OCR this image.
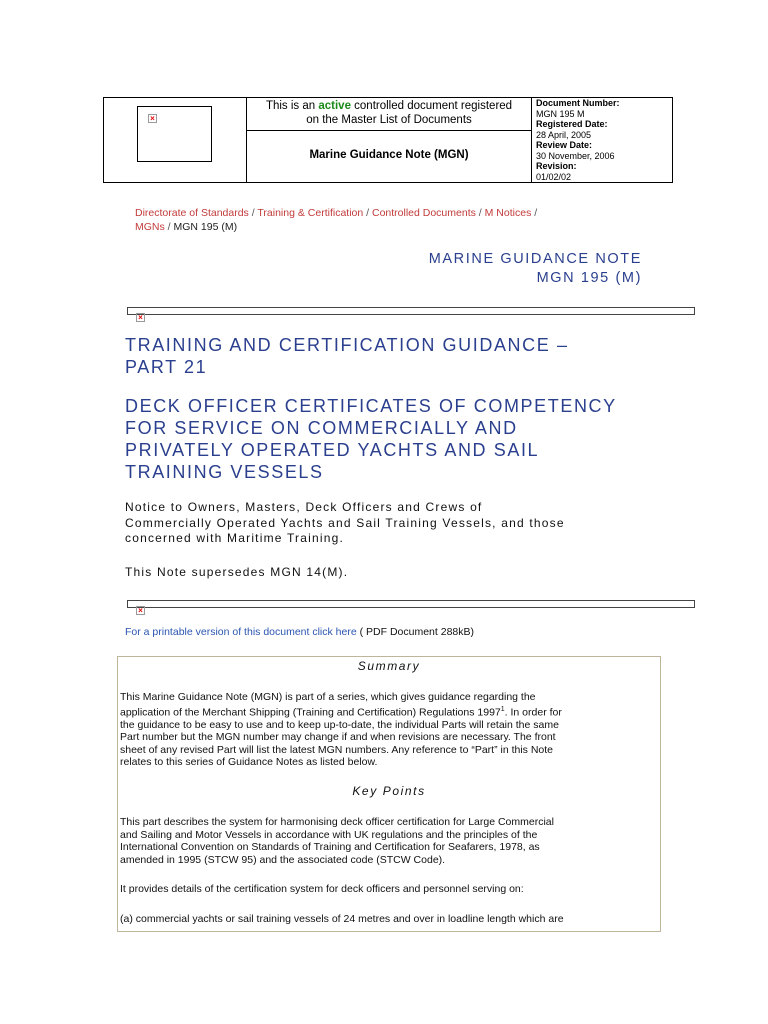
×
This is an active controlled document registered
on the Master List of Documents
Marine Guidance Note (MGN)
Document Number:
MGN 195 M
Registered Date:
28 April, 2005
Review Date:
30 November, 2006
Revision:
01/02/02
Directorate of Standards / Training & Certification / Controlled Documents / M Notices /
MGNs / MGN 195 (M)
MARINE GUIDANCE NOTE
MGN 195 (M)
×
TRAINING AND CERTIFICATION GUIDANCE –
PART 21
DECK OFFICER CERTIFICATES OF COMPETENCY
FOR SERVICE ON COMMERCIALLY AND
PRIVATELY OPERATED YACHTS AND SAIL
TRAINING VESSELS
Notice to Owners, Masters, Deck Officers and Crews of
Commercially Operated Yachts and Sail Training Vessels, and those
concerned with Maritime Training.
This Note supersedes MGN 14(M).
×
For a printable version of this document click here ( PDF Document 288kB)
Summary
This Marine Guidance Note (MGN) is part of a series, which gives guidance regarding the
application of the Merchant Shipping (Training and Certification) Regulations 1997$^1$. In order for
the guidance to be easy to use and to keep up-to-date, the individual Parts will retain the same
Part number but the MGN number may change if and when revisions are necessary. The front
sheet of any revised Part will list the latest MGN numbers. Any reference to “Part” in this Note
relates to this series of Guidance Notes as listed below.
Key Points
This part describes the system for harmonising deck officer certification for Large Commercial
and Sailing and Motor Vessels in accordance with UK regulations and the principles of the
International Convention on Standards of Training and Certification for Seafarers, 1978, as
amended in 1995 (STCW 95) and the associated code (STCW Code).
It provides details of the certification system for deck officers and personnel serving on:
(a) commercial yachts or sail training vessels of 24 metres and over in loadline length which are
